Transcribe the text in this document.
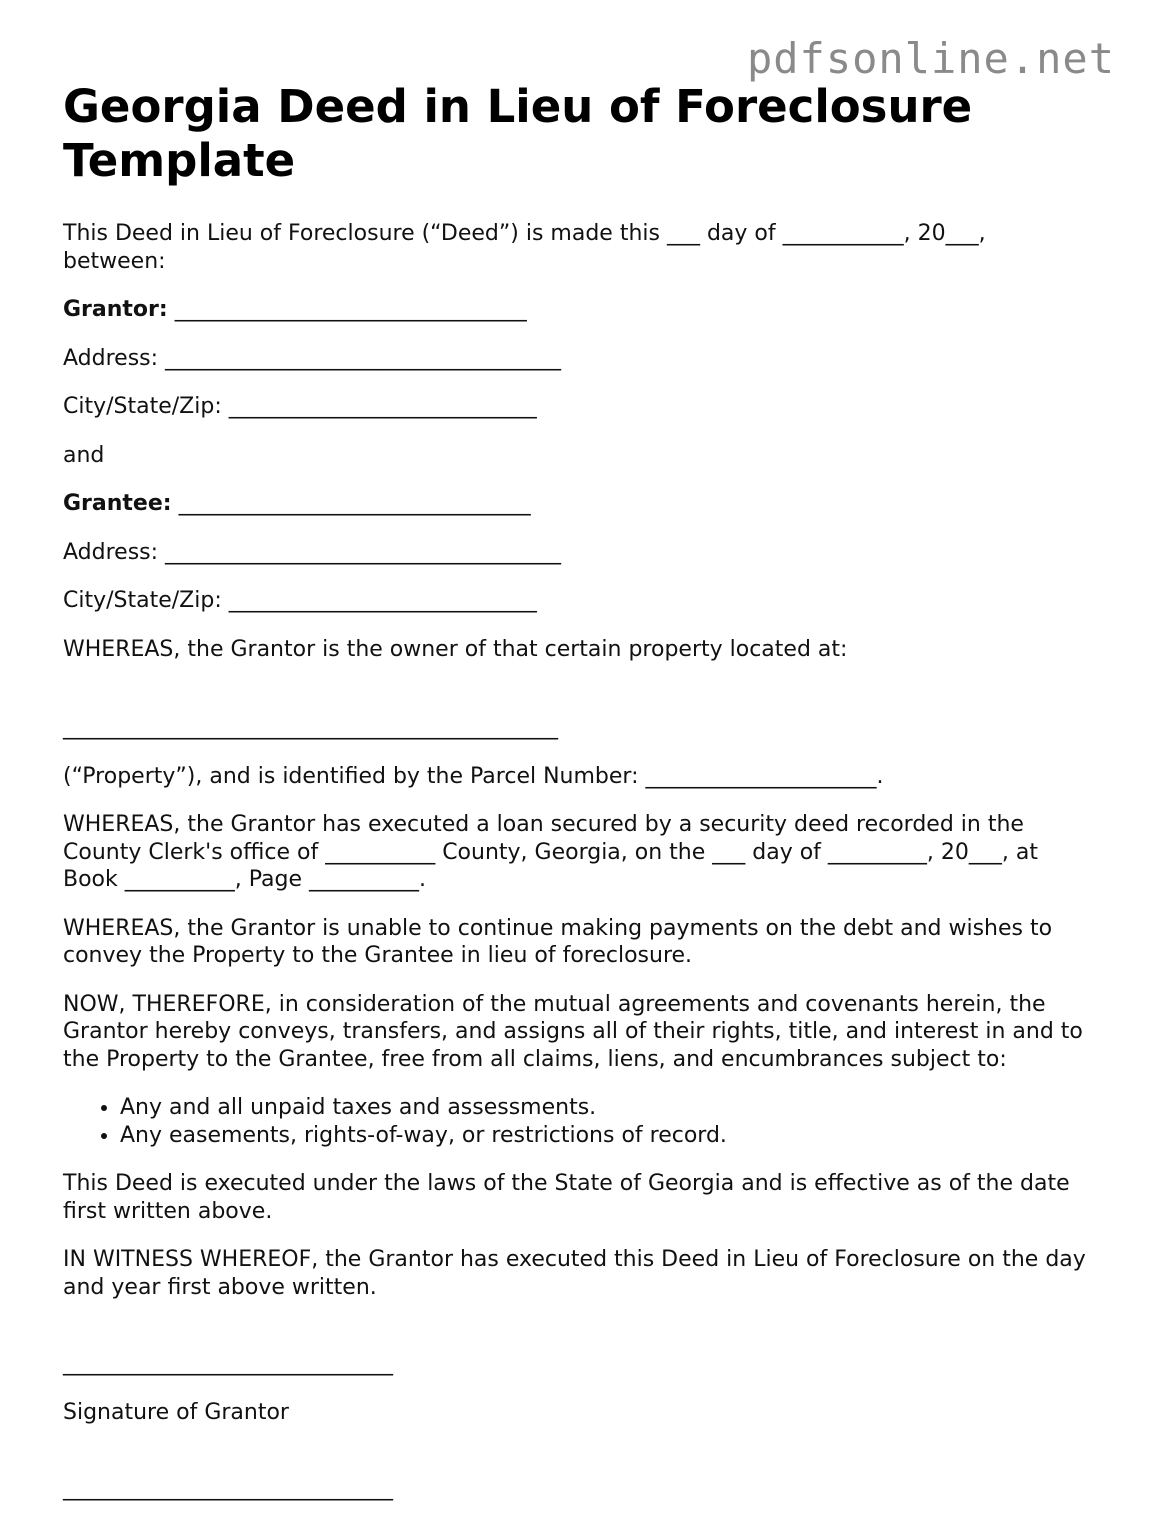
pdfsonline.net
Georgia Deed in Lieu of Foreclosure Template

This Deed in Lieu of Foreclosure (“Deed”) is made this ___ day of ___________, 20___, between:

Grantor: ________________________________

Address: ____________________________________

City/State/Zip: ____________________________

and

Grantee: ________________________________

Address: ____________________________________

City/State/Zip: ____________________________

WHEREAS, the Grantor is the owner of that certain property located at:

_____________________________________________

(“Property”), and is identified by the Parcel Number: _____________________.

WHEREAS, the Grantor has executed a loan secured by a security deed recorded in the County Clerk's office of __________ County, Georgia, on the ___ day of _________, 20___, at Book __________, Page __________.

WHEREAS, the Grantor is unable to continue making payments on the debt and wishes to convey the Property to the Grantee in lieu of foreclosure.

NOW, THEREFORE, in consideration of the mutual agreements and covenants herein, the Grantor hereby conveys, transfers, and assigns all of their rights, title, and interest in and to the Property to the Grantee, free from all claims, liens, and encumbrances subject to:

• Any and all unpaid taxes and assessments.
• Any easements, rights-of-way, or restrictions of record.

This Deed is executed under the laws of the State of Georgia and is effective as of the date first written above.

IN WITNESS WHEREOF, the Grantor has executed this Deed in Lieu of Foreclosure on the day and year first above written.

______________________________

Signature of Grantor

______________________________
